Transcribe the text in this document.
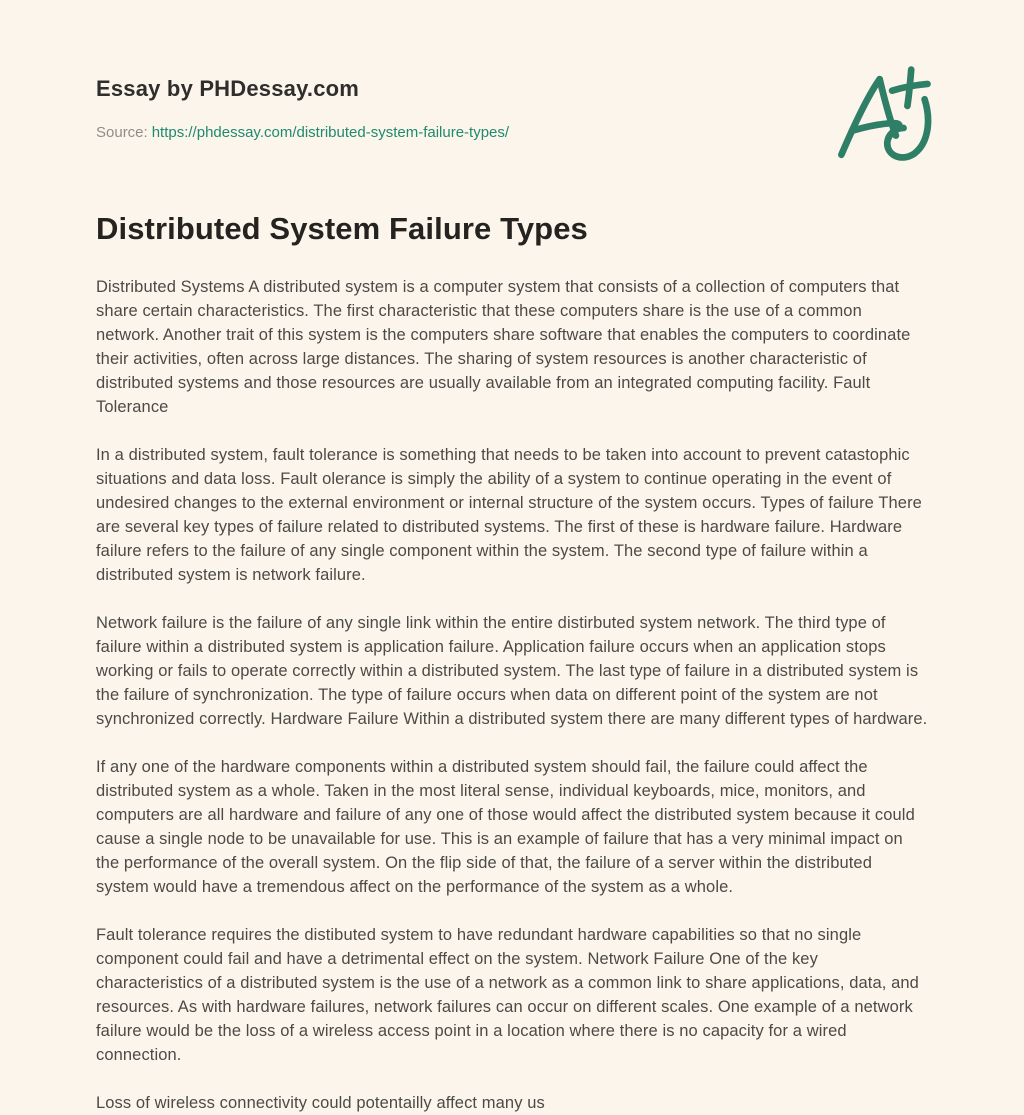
Essay by PHDessay.com
Source: https://phdessay.com/distributed-system-failure-types/
Distributed System Failure Types

Distributed Systems A distributed system is a computer system that consists of a collection of computers that share certain characteristics. The first characteristic that these computers share is the use of a common network. Another trait of this system is the computers share software that enables the computers to coordinate their activities, often across large distances. The sharing of system resources is another characteristic of distributed systems and those resources are usually available from an integrated computing facility. Fault Tolerance

In a distributed system, fault tolerance is something that needs to be taken into account to prevent catastophic situations and data loss. Fault olerance is simply the ability of a system to continue operating in the event of undesired changes to the external environment or internal structure of the system occurs. Types of failure There are several key types of failure related to distributed systems. The first of these is hardware failure. Hardware failure refers to the failure of any single component within the system. The second type of failure within a distributed system is network failure.

Network failure is the failure of any single link within the entire distirbuted system network. The third type of failure within a distributed system is application failure. Application failure occurs when an application stops working or fails to operate correctly within a distributed system. The last type of failure in a distributed system is the failure of synchronization. The type of failure occurs when data on different point of the system are not synchronized correctly. Hardware Failure Within a distributed system there are many different types of hardware.

If any one of the hardware components within a distributed system should fail, the failure could affect the distributed system as a whole. Taken in the most literal sense, individual keyboards, mice, monitors, and computers are all hardware and failure of any one of those would affect the distributed system because it could cause a single node to be unavailable for use. This is an example of failure that has a very minimal impact on the performance of the overall system. On the flip side of that, the failure of a server within the distributed system would have a tremendous affect on the performance of the system as a whole.

Fault tolerance requires the distibuted system to have redundant hardware capabilities so that no single component could fail and have a detrimental effect on the system. Network Failure One of the key characteristics of a distributed system is the use of a network as a common link to share applications, data, and resources. As with hardware failures, network failures can occur on different scales. One example of a network failure would be the loss of a wireless access point in a location where there is no capacity for a wired connection.

Loss of wireless connectivity could potentailly affect many us
